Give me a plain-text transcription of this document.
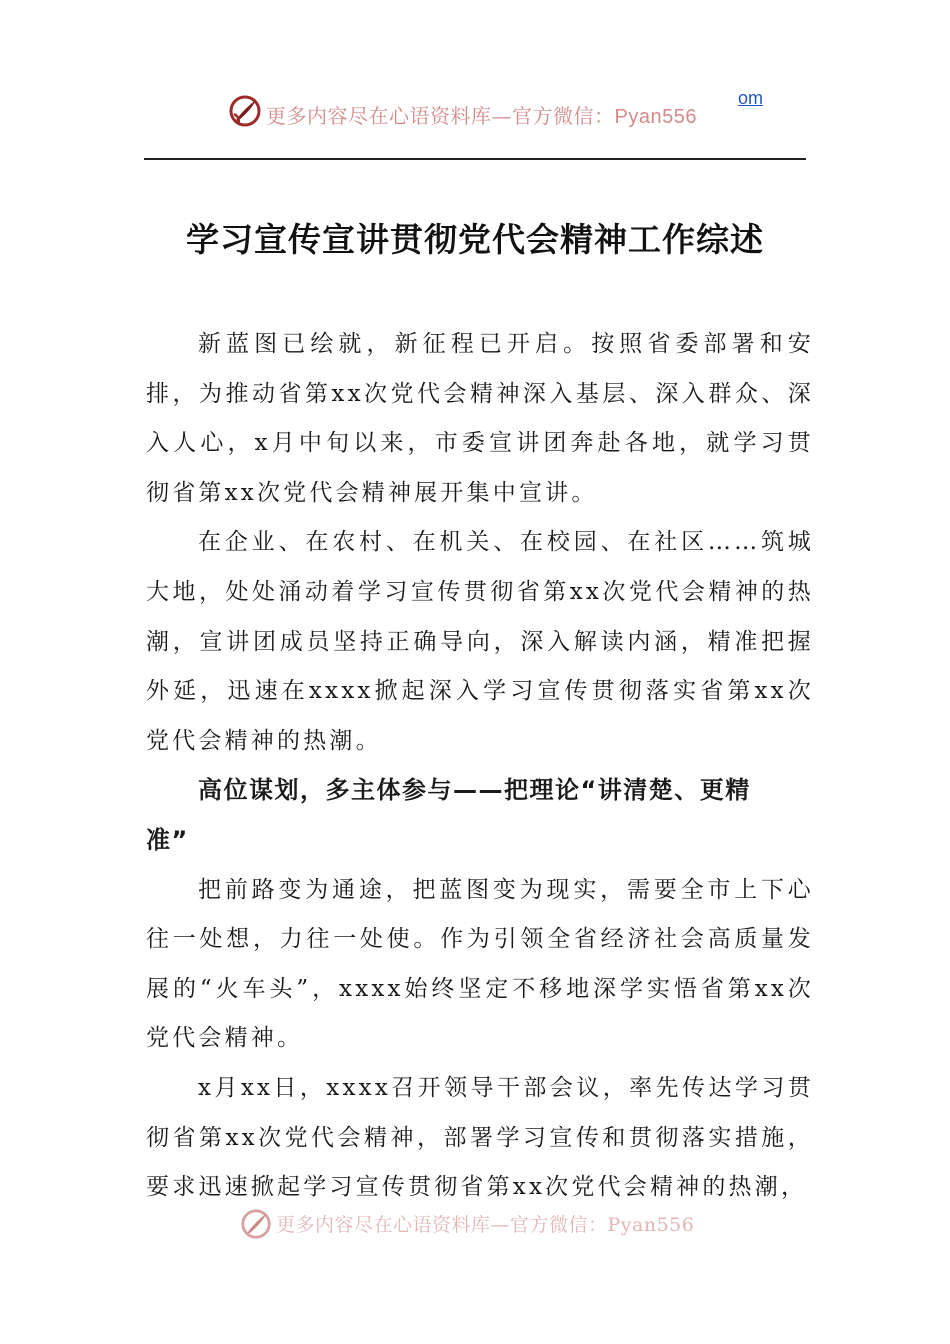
更多内容尽在心语资料库—官方微信：Pyan556
om
学习宣传宣讲贯彻党代会精神工作综述

新蓝图已绘就，新征程已开启。按照省委部署和安排，为推动省第xx次党代会精神深入基层、深入群众、深入人心，x月中旬以来，市委宣讲团奔赴各地，就学习贯彻省第xx次党代会精神展开集中宣讲。

在企业、在农村、在机关、在校园、在社区……筑城大地，处处涌动着学习宣传贯彻省第xx次党代会精神的热潮，宣讲团成员坚持正确导向，深入解读内涵，精准把握外延，迅速在xxxx掀起深入学习宣传贯彻落实省第xx次党代会精神的热潮。

高位谋划，多主体参与——把理论“讲清楚、更精准”

把前路变为通途，把蓝图变为现实，需要全市上下心往一处想，力往一处使。作为引领全省经济社会高质量发展的“火车头”，xxxx始终坚定不移地深学实悟省第xx次党代会精神。

x月xx日，xxxx召开领导干部会议，率先传达学习贯彻省第xx次党代会精神，部署学习宣传和贯彻落实措施，要求迅速掀起学习宣传贯彻省第xx次党代会精神的热潮，

更多内容尽在心语资料库—官方微信：Pyan556
